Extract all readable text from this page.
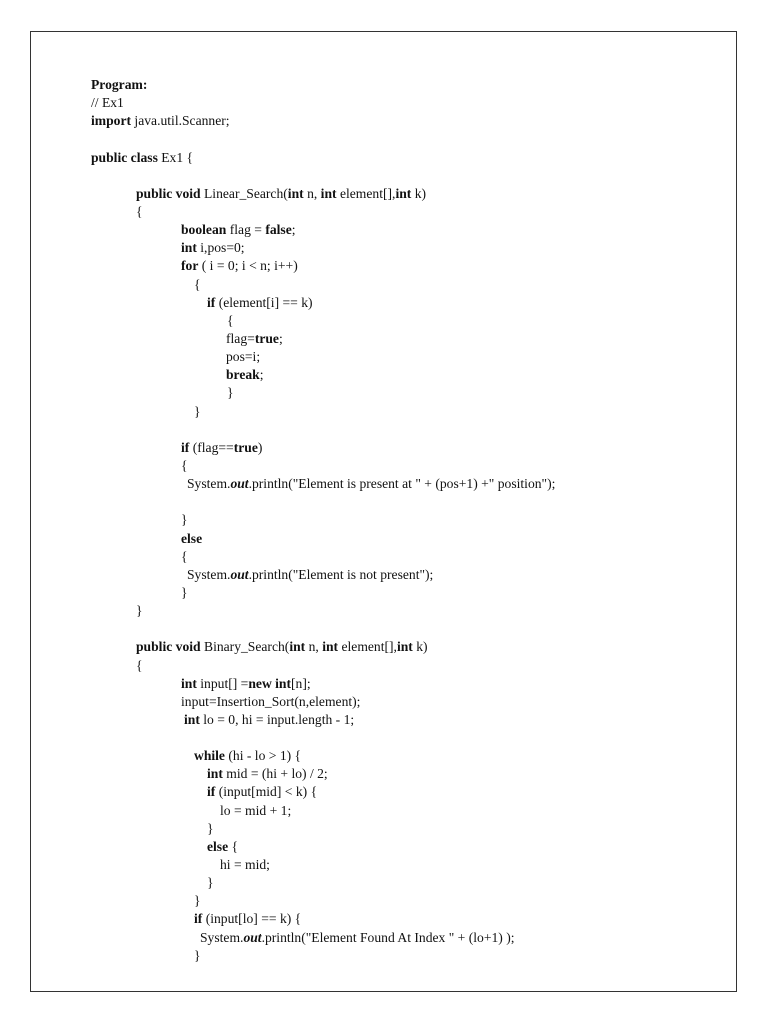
Program:
// Ex1
import java.util.Scanner;
public class Ex1 {
public void Linear_Search(int n, int element[],int k)
{
boolean flag = false;
int i,pos=0;
for ( i = 0; i < n; i++)
{
if (element[i] == k)
{
flag=true;
pos=i;
break;
}
}
if (flag==true)
{
System.out.println("Element is present at " + (pos+1) +" position");
}
else
{
System.out.println("Element is not present");
}
}
public void Binary_Search(int n, int element[],int k)
{
int input[] =new int[n];
input=Insertion_Sort(n,element);
int lo = 0, hi = input.length - 1;
while (hi - lo > 1) {
int mid = (hi + lo) / 2;
if (input[mid] < k) {
lo = mid + 1;
}
else {
hi = mid;
}
}
if (input[lo] == k) {
System.out.println("Element Found At Index " + (lo+1) );
}
